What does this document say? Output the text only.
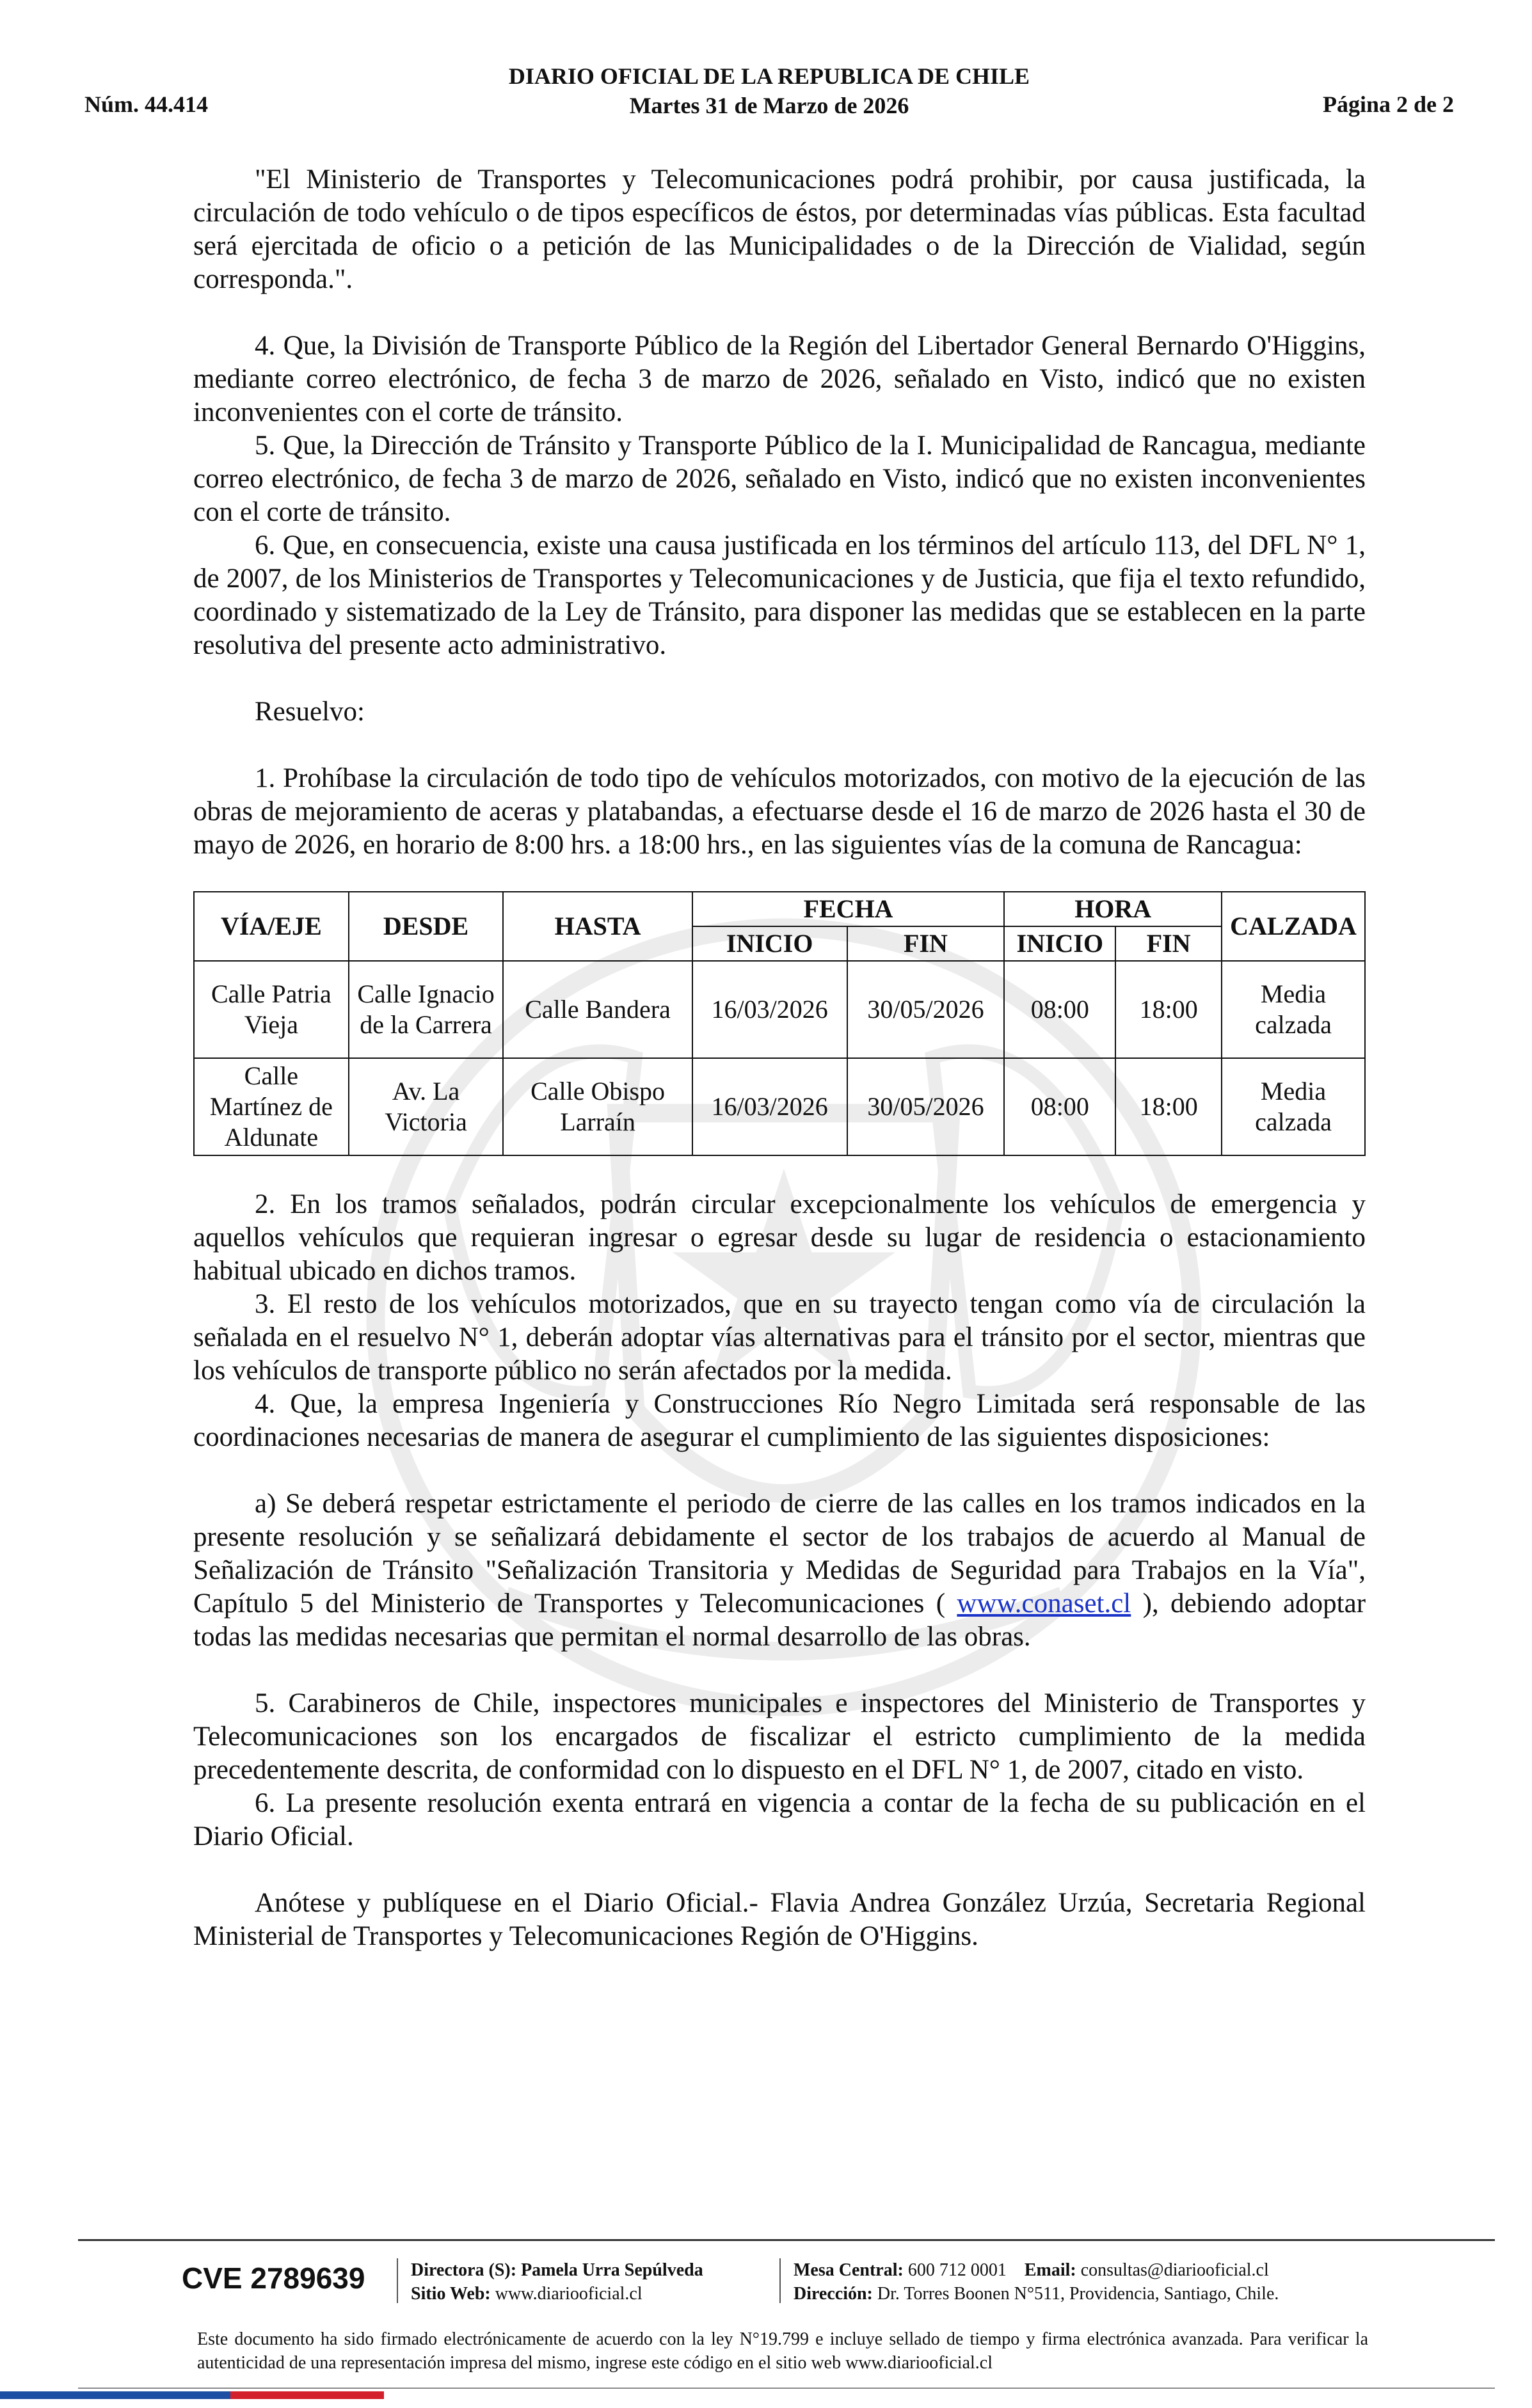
Núm. 44.414
DIARIO OFICIAL DE LA REPUBLICA DE CHILE
Martes 31 de Marzo de 2026	Página 2 de 2

"El Ministerio de Transportes y Telecomunicaciones podrá prohibir, por causa justificada, la circulación de todo vehículo o de tipos específicos de éstos, por determinadas vías públicas. Esta facultad será ejercitada de oficio o a petición de las Municipalidades o de la Dirección de Vialidad, según corresponda.".

4. Que, la División de Transporte Público de la Región del Libertador General Bernardo O'Higgins, mediante correo electrónico, de fecha 3 de marzo de 2026, señalado en Visto, indicó que no existen inconvenientes con el corte de tránsito.

5. Que, la Dirección de Tránsito y Transporte Público de la I. Municipalidad de Rancagua, mediante correo electrónico, de fecha 3 de marzo de 2026, señalado en Visto, indicó que no existen inconvenientes con el corte de tránsito.

6. Que, en consecuencia, existe una causa justificada en los términos del artículo 113, del DFL N° 1, de 2007, de los Ministerios de Transportes y Telecomunicaciones y de Justicia, que fija el texto refundido, coordinado y sistematizado de la Ley de Tránsito, para disponer las medidas que se establecen en la parte resolutiva del presente acto administrativo.

Resuelvo:

1. Prohíbase la circulación de todo tipo de vehículos motorizados, con motivo de la ejecución de las obras de mejoramiento de aceras y platabandas, a efectuarse desde el 16 de marzo de 2026 hasta el 30 de mayo de 2026, en horario de 8:00 hrs. a 18:00 hrs., en las siguientes vías de la comuna de Rancagua:

VÍA/EJE	DESDE	HASTA	FECHA		HORA		CALZADA
			INICIO	FIN	INICIO	FIN	
Calle Patria Vieja	Calle Ignacio de la Carrera	Calle Bandera	16/03/2026	30/05/2026	08:00	18:00	Media calzada
Calle Martínez de Aldunate	Av. La Victoria	Calle Obispo Larraín	16/03/2026	30/05/2026	08:00	18:00	Media calzada

2. En los tramos señalados, podrán circular excepcionalmente los vehículos de emergencia y aquellos vehículos que requieran ingresar o egresar desde su lugar de residencia o estacionamiento habitual ubicado en dichos tramos.

3. El resto de los vehículos motorizados, que en su trayecto tengan como vía de circulación la señalada en el resuelvo N° 1, deberán adoptar vías alternativas para el tránsito por el sector, mientras que los vehículos de transporte público no serán afectados por la medida.

4. Que, la empresa Ingeniería y Construcciones Río Negro Limitada será responsable de las coordinaciones necesarias de manera de asegurar el cumplimiento de las siguientes disposiciones:

a) Se deberá respetar estrictamente el periodo de cierre de las calles en los tramos indicados en la presente resolución y se señalizará debidamente el sector de los trabajos de acuerdo al Manual de Señalización de Tránsito "Señalización Transitoria y Medidas de Seguridad para Trabajos en la Vía", Capítulo 5 del Ministerio de Transportes y Telecomunicaciones ( www.conaset.cl ), debiendo adoptar todas las medidas necesarias que permitan el normal desarrollo de las obras.

5. Carabineros de Chile, inspectores municipales e inspectores del Ministerio de Transportes y Telecomunicaciones son los encargados de fiscalizar el estricto cumplimiento de la medida precedentemente descrita, de conformidad con lo dispuesto en el DFL N° 1, de 2007, citado en visto.

6. La presente resolución exenta entrará en vigencia a contar de la fecha de su publicación en el Diario Oficial.

Anótese y publíquese en el Diario Oficial.- Flavia Andrea González Urzúa, Secretaria Regional Ministerial de Transportes y Telecomunicaciones Región de O'Higgins.

CVE 2789639	Directora (S): Pamela Urra Sepúlveda
Sitio Web: www.diariooficial.cl
Mesa Central: 600 712 0001 Email: consultas@diariooficial.cl
Dirección: Dr. Torres Boonen N°511, Providencia, Santiago, Chile.
Este documento ha sido firmado electrónicamente de acuerdo con la ley N°19.799 e incluye sellado de tiempo y firma electrónica avanzada. Para verificar la autenticidad de una representación impresa del mismo, ingrese este código en el sitio web www.diariooficial.cl
